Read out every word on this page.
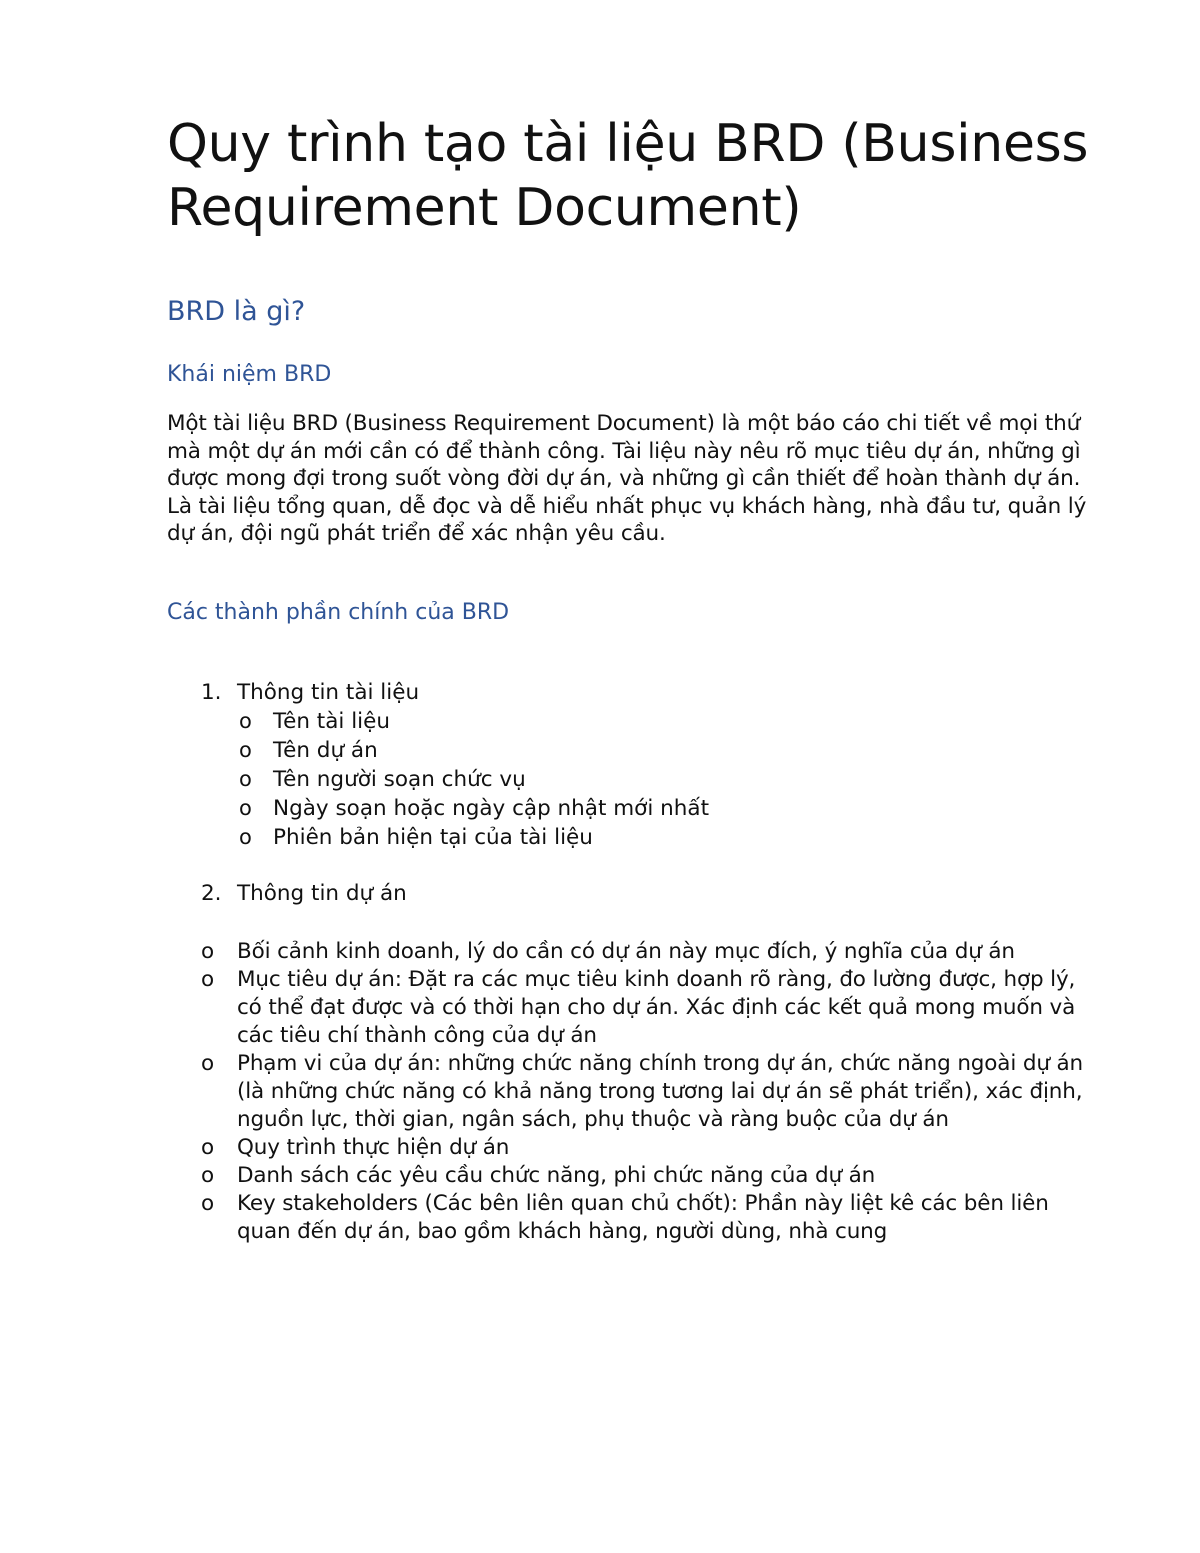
Quy trình tạo tài liệu BRD (Business Requirement Document)
BRD là gì?
Khái niệm BRD

Một tài liệu BRD (Business Requirement Document) là một báo cáo chi tiết về mọi thứ mà một dự án mới cần có để thành công. Tài liệu này nêu rõ mục tiêu dự án, những gì được mong đợi trong suốt vòng đời dự án, và những gì cần thiết để hoàn thành dự án. Là tài liệu tổng quan, dễ đọc và dễ hiểu nhất phục vụ khách hàng, nhà đầu tư, quản lý dự án, đội ngũ phát triển để xác nhận yêu cầu.

Các thành phần chính của BRD
1. Thông tin tài liệu
o Tên tài liệu
o Tên dự án
o Tên người soạn chức vụ
o Ngày soạn hoặc ngày cập nhật mới nhất
o Phiên bản hiện tại của tài liệu
2. Thông tin dự án
o Bối cảnh kinh doanh, lý do cần có dự án này mục đích, ý nghĩa của dự án
o Mục tiêu dự án: Đặt ra các mục tiêu kinh doanh rõ ràng, đo lường được, hợp lý, có thể đạt được và có thời hạn cho dự án. Xác định các kết quả mong muốn và các tiêu chí thành công của dự án
o Phạm vi của dự án: những chức năng chính trong dự án, chức năng ngoài dự án (là những chức năng có khả năng trong tương lai dự án sẽ phát triển), xác định, nguồn lực, thời gian, ngân sách, phụ thuộc và ràng buộc của dự án
o Quy trình thực hiện dự án
o Danh sách các yêu cầu chức năng, phi chức năng của dự án
o Key stakeholders (Các bên liên quan chủ chốt): Phần này liệt kê các bên liên quan đến dự án, bao gồm khách hàng, người dùng, nhà cung
